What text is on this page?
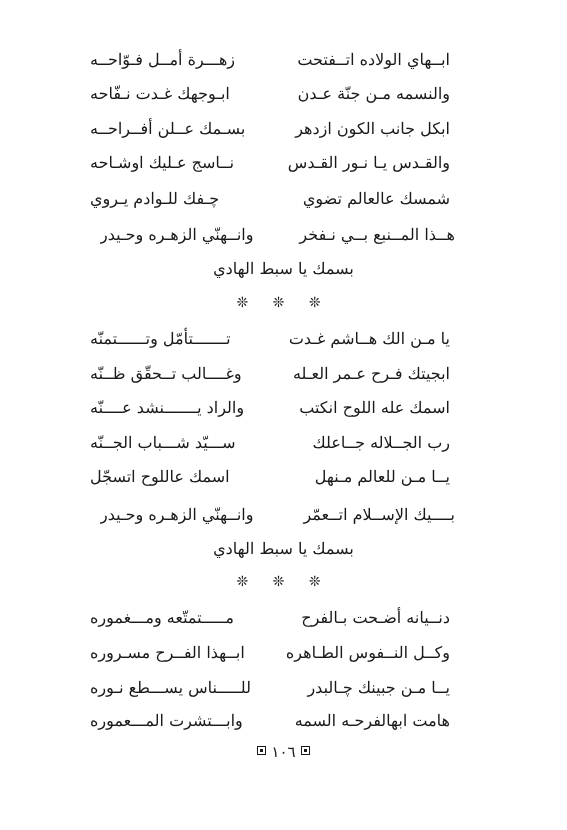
ابــهاي الولاده اتــفتحت
زهـــرة أمــل فـوّاحــه
والنسمه مـن جنّة عـدن
ابـوجهك غـدت نـفّاحه
ابكل جانب الكون ازدهر
بسـمك عــلن أفــراحــه
والقـدس يـا نـور القـدس
نــاسج عـليك اوشـاحه
شمسك عالعالم تضوي
چـفك للـوادم يـروي
هــذا المــنبع بــي نـفخر
وانــهنّي الزهـره وحـيدر
بسمك يا سبط الهادي
❊ ❊ ❊
يا مـن الك هــاشم غـدت
تـــــــتأمّل وتــــــتمنّه
ابجيتك فـرح عـمر العـله
وغــــالب تــحقّق ظــنّه
اسمك عله اللوح انكتب
والراد يـــــــنشد عــــنّه
رب الجــلاله جــاعلك
ســـيّد شـــباب الجــنّه
يــا مـن للعالم مـنهل
اسمك عاللوح اتسجّل
بــــيك الإســلام اتــعمّر
وانــهنّي الزهـره وحـيدر
بسمك يا سبط الهادي
❊ ❊ ❊
دنــيانه أضـحت بـالفرح
مـــــتمتّعه ومـــغموره
وكــل النــفوس الطـاهره
ابــهذا الفــرح مسـروره
يــا مـن جبينك چـالبدر
للـــــناس يســـطع نـوره
هامت ابهالفرحـه السمه
وابـــتشرت المـــعموره
١٠٦
